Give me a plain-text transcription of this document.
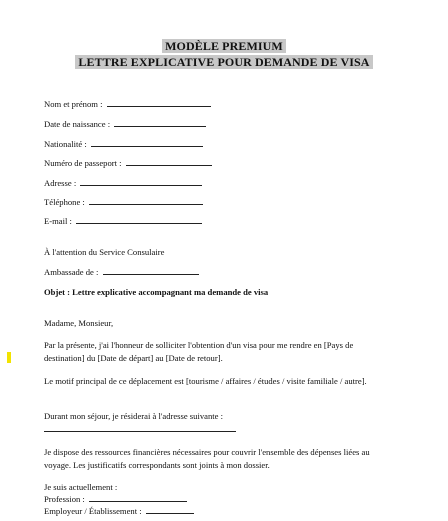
MODÈLE PREMIUM
LETTRE EXPLICATIVE POUR DEMANDE DE VISA
Nom et prénom :
Date de naissance :
Nationalité :
Numéro de passeport :
Adresse :
Téléphone :
E-mail :
À l'attention du Service Consulaire
Ambassade de :
Objet : Lettre explicative accompagnant ma demande de visa
Madame, Monsieur,
Par la présente, j'ai l'honneur de solliciter l'obtention d'un visa pour me rendre en [Pays de destination] du [Date de départ] au [Date de retour].
Le motif principal de ce déplacement est [tourisme / affaires / études / visite familiale / autre].
Durant mon séjour, je résiderai à l'adresse suivante :
Je dispose des ressources financières nécessaires pour couvrir l'ensemble des dépenses liées au voyage. Les justificatifs correspondants sont joints à mon dossier.
Je suis actuellement :
Profession :
Employeur / Établissement :
